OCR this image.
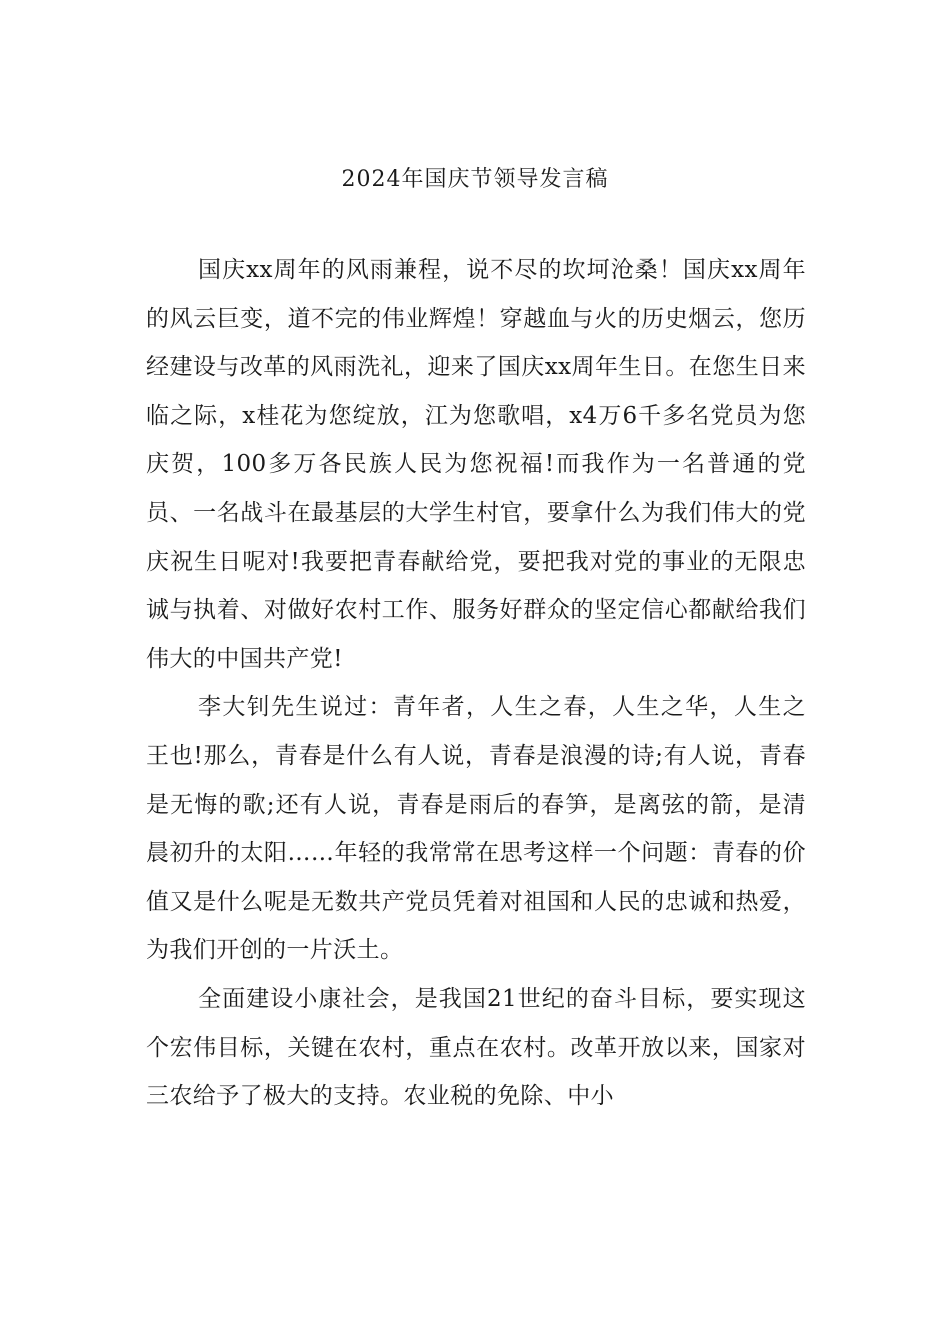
2024年国庆节领导发言稿

国庆xx周年的风雨兼程，说不尽的坎坷沧桑！国庆xx周年的风云巨变，道不完的伟业辉煌！穿越血与火的历史烟云，您历经建设与改革的风雨洗礼，迎来了国庆xx周年生日。在您生日来临之际，x桂花为您绽放，江为您歌唱，x4万6千多名党员为您庆贺，100多万各民族人民为您祝福!而我作为一名普通的党员、一名战斗在最基层的大学生村官，要拿什么为我们伟大的党庆祝生日呢对!我要把青春献给党，要把我对党的事业的无限忠诚与执着、对做好农村工作、服务好群众的坚定信心都献给我们伟大的中国共产党!

李大钊先生说过：青年者，人生之春，人生之华，人生之王也!那么，青春是什么有人说，青春是浪漫的诗;有人说，青春是无悔的歌;还有人说，青春是雨后的春笋，是离弦的箭，是清晨初升的太阳……年轻的我常常在思考这样一个问题：青春的价值又是什么呢是无数共产党员凭着对祖国和人民的忠诚和热爱，为我们开创的一片沃土。

全面建设小康社会，是我国21世纪的奋斗目标，要实现这个宏伟目标，关键在农村，重点在农村。改革开放以来，国家对三农给予了极大的支持。农业税的免除、中小
